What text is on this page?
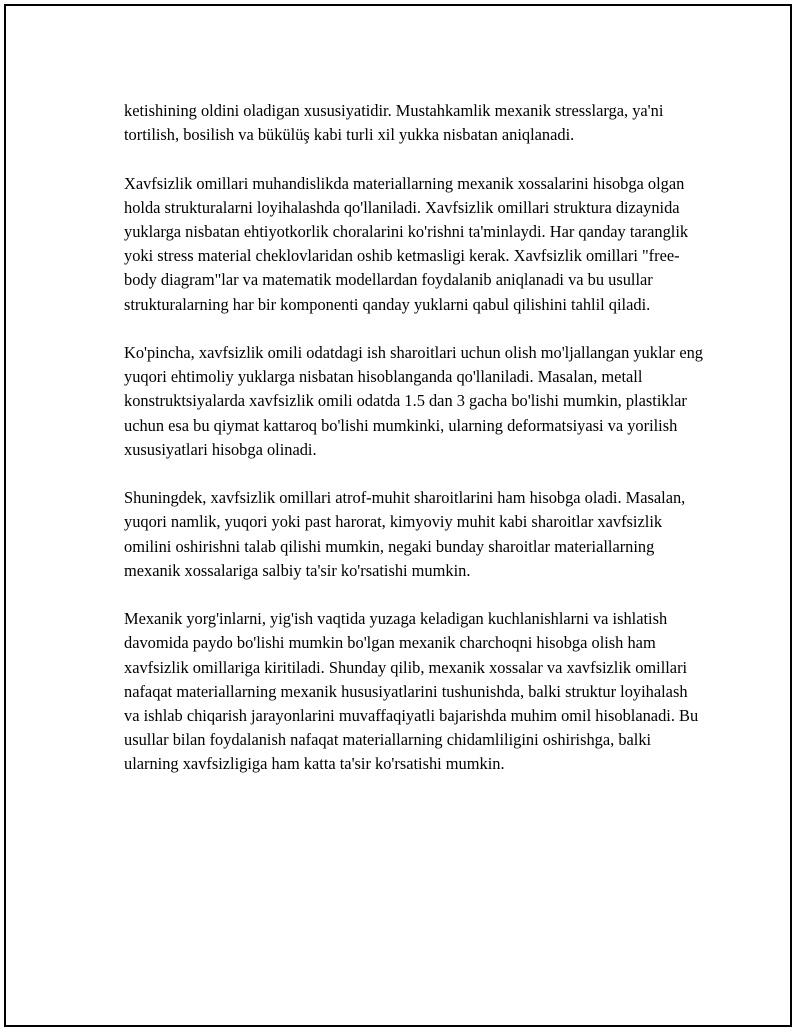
ketishining oldini oladigan xususiyatidir. Mustahkamlik mexanik stresslarga, ya'ni tortilish, bosilish va bükülüş kabi turli xil yukka nisbatan aniqlanadi.

Xavfsizlik omillari muhandislikda materiallarning mexanik xossalarini hisobga olgan holda strukturalarni loyihalashda qo'llaniladi. Xavfsizlik omillari struktura dizaynida yuklarga nisbatan ehtiyotkorlik choralarini ko'rishni ta'minlaydi. Har qanday taranglik yoki stress material cheklovlaridan oshib ketmasligi kerak. Xavfsizlik omillari "free-body diagram"lar va matematik modellardan foydalanib aniqlanadi va bu usullar strukturalarning har bir komponenti qanday yuklarni qabul qilishini tahlil qiladi.

Ko'pincha, xavfsizlik omili odatdagi ish sharoitlari uchun olish mo'ljallangan yuklar eng yuqori ehtimoliy yuklarga nisbatan hisoblanganda qo'llaniladi. Masalan, metall konstruktsiyalarda xavfsizlik omili odatda 1.5 dan 3 gacha bo'lishi mumkin, plastiklar uchun esa bu qiymat kattaroq bo'lishi mumkinki, ularning deformatsiyasi va yorilish xususiyatlari hisobga olinadi.

Shuningdek, xavfsizlik omillari atrof-muhit sharoitlarini ham hisobga oladi. Masalan, yuqori namlik, yuqori yoki past harorat, kimyoviy muhit kabi sharoitlar xavfsizlik omilini oshirishni talab qilishi mumkin, negaki bunday sharoitlar materiallarning mexanik xossalariga salbiy ta'sir ko'rsatishi mumkin.

Mexanik yorg'inlarni, yig'ish vaqtida yuzaga keladigan kuchlanishlarni va ishlatish davomida paydo bo'lishi mumkin bo'lgan mexanik charchoqni hisobga olish ham xavfsizlik omillariga kiritiladi. Shunday qilib, mexanik xossalar va xavfsizlik omillari nafaqat materiallarning mexanik hususiyatlarini tushunishda, balki struktur loyihalash va ishlab chiqarish jarayonlarini muvaffaqiyatli bajarishda muhim omil hisoblanadi. Bu usullar bilan foydalanish nafaqat materiallarning chidamliligini oshirishga, balki ularning xavfsizligiga ham katta ta'sir ko'rsatishi mumkin.
